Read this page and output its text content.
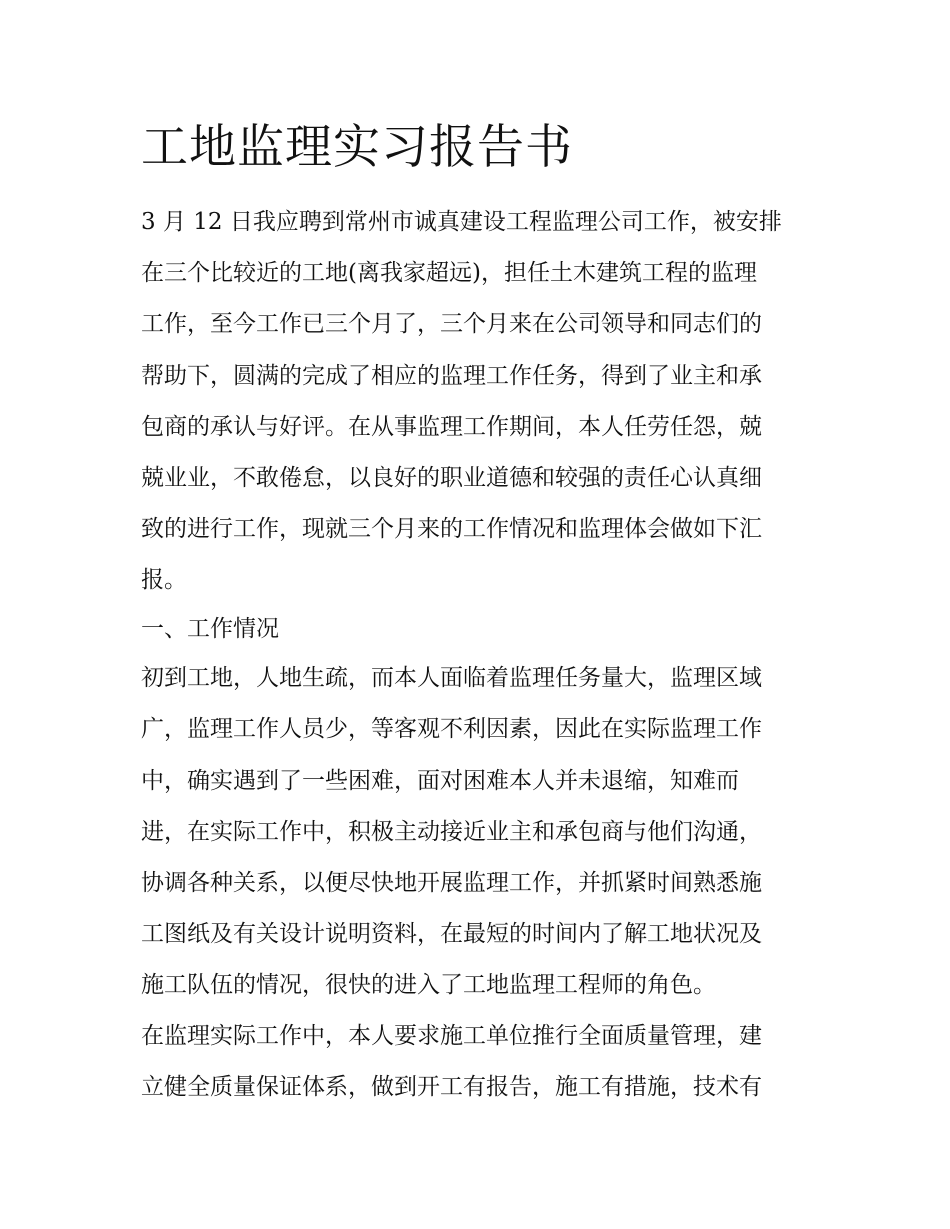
工地监理实习报告书

3 月 12 日我应聘到常州市诚真建设工程监理公司工作，被安排

在三个比较近的工地(离我家超远)，担任土木建筑工程的监理

工作，至今工作已三个月了，三个月来在公司领导和同志们的

帮助下，圆满的完成了相应的监理工作任务，得到了业主和承

包商的承认与好评。在从事监理工作期间，本人任劳任怨，兢

兢业业，不敢倦怠，以良好的职业道德和较强的责任心认真细

致的进行工作，现就三个月来的工作情况和监理体会做如下汇

报。

一、工作情况

初到工地，人地生疏，而本人面临着监理任务量大，监理区域

广，监理工作人员少，等客观不利因素，因此在实际监理工作

中，确实遇到了一些困难，面对困难本人并未退缩，知难而

进，在实际工作中，积极主动接近业主和承包商与他们沟通，

协调各种关系，以便尽快地开展监理工作，并抓紧时间熟悉施

工图纸及有关设计说明资料，在最短的时间内了解工地状况及

施工队伍的情况，很快的进入了工地监理工程师的角色。

在监理实际工作中，本人要求施工单位推行全面质量管理，建

立健全质量保证体系，做到开工有报告，施工有措施，技术有
